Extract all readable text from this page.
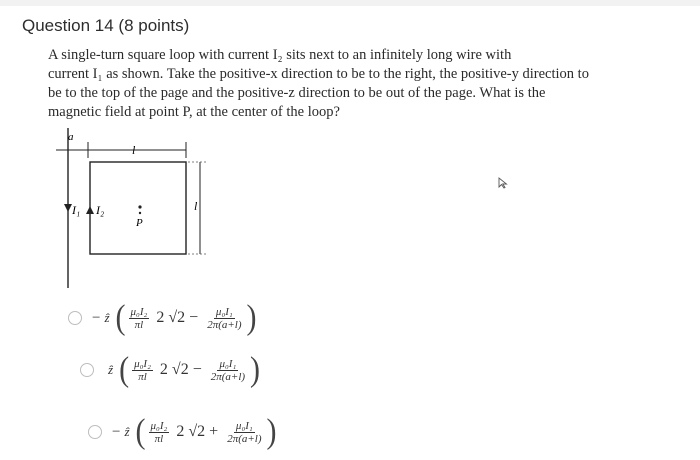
Question 14 (8 points)
A single-turn square loop with current I₂ sits next to an infinitely long wire with
current I₁ as shown. Take the positive-x direction to be to the right, the positive-y direction to
be to the top of the page and the positive-z direction to be out of the page. What is the
magnetic field at point P, at the center of the loop?
a
l
l
I₁ I₂
P
− ẑ ( $\frac{\text{μ₀I₂}}{\pi l} 2$ $√2 - \frac{\text{μ₀I₁}}{2\pi(a+l)}$ )
ẑ ( $\frac{\text{μ₀I₂}}{\pi l} 2$ $√2 - \frac{\text{μ₀I₁}}{2\pi(a+l)}$ )
− ẑ ( $\frac{\text{μ₀I₂}}{\pi l} 2$ $√2 + \frac{\text{μ₀I₁}}{2\pi(a+l)}$ )
